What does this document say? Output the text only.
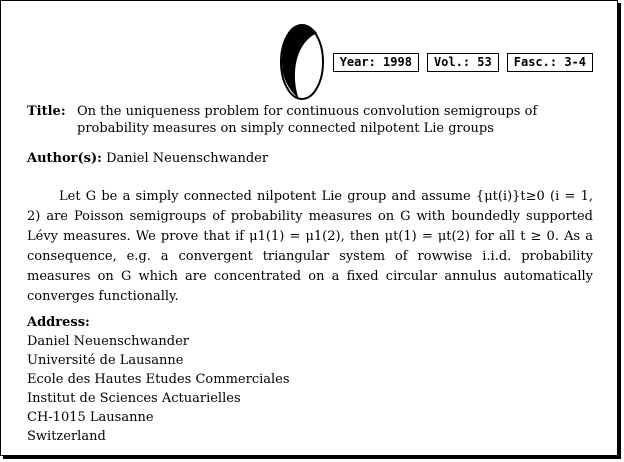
Year: 1998	Vol.: 53	Fasc.: 3-4
Title: On the uniqueness problem for continuous convolution semigroups of probability measures on simply connected nilpotent Lie groups
Author(s): Daniel Neuenschwander

Let G be a simply connected nilpotent Lie group and assume {μt(i)}t≥0 (i = 1, 2) are Poisson semigroups of probability measures on G with boundedly supported Lévy measures. We prove that if μ1(1) = μ1(2), then μt(1) = μt(2) for all t ≥ 0. As a consequence, e.g. a convergent triangular system of rowwise i.i.d. probability measures on G which are concentrated on a fixed circular annulus automatically converges functionally.

Address:
Daniel Neuenschwander
Université de Lausanne
Ecole des Hautes Etudes Commerciales
Institut de Sciences Actuarielles
CH-1015 Lausanne
Switzerland
